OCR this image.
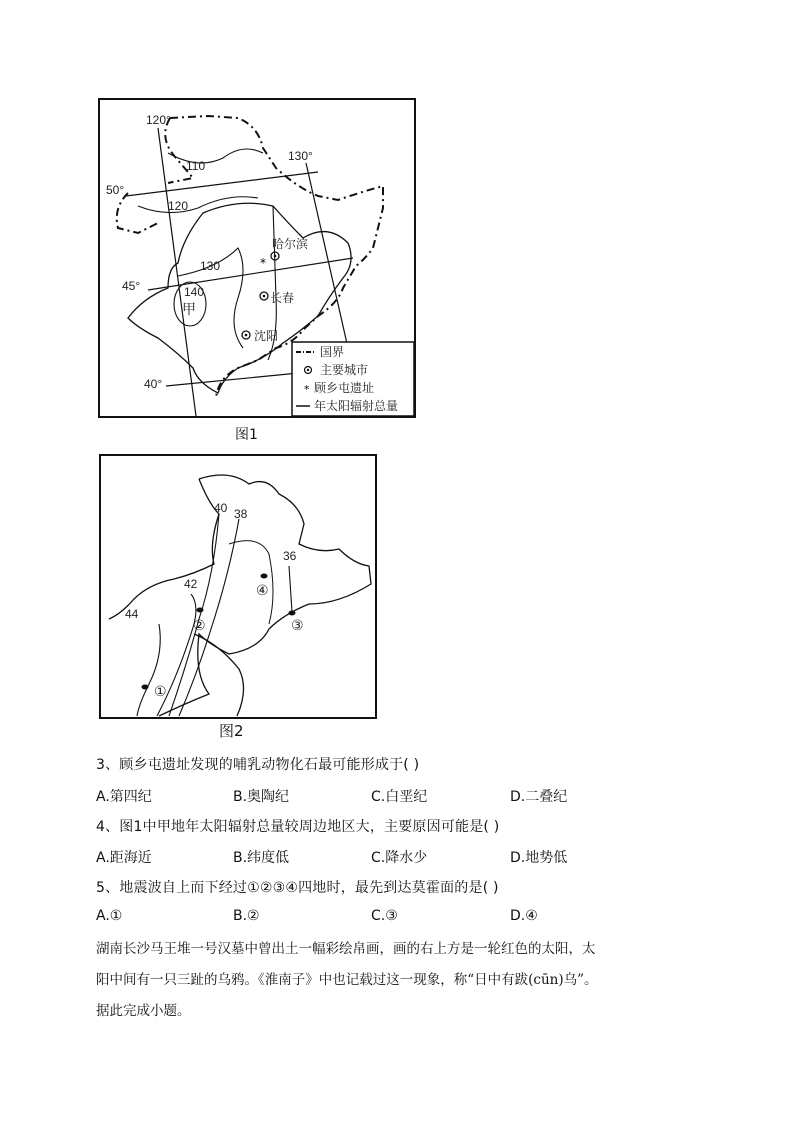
120°
130°
50°
45°
40°
110
120
130
140
甲
哈尔滨
*
长春
沈阳
国界
主要城市
* 顾乡屯遗址
年太阳辐射总量
图1
40 38
36
42
44
①
②	③
④
图2
3、顾乡屯遗址发现的哺乳动物化石最可能形成于( )
A.第四纪	B.奥陶纪	C.白垩纪	D.二叠纪
4、图1中甲地年太阳辐射总量较周边地区大，主要原因可能是( )
A.距海近	B.纬度低	C.降水少	D.地势低
5、地震波自上而下经过①②③④四地时，最先到达莫霍面的是( )
A.①	B.②	C.③	D.④
湖南长沙马王堆一号汉墓中曾出土一幅彩绘帛画，画的右上方是一轮红色的太阳，太
阳中间有一只三趾的乌鸦。《淮南子》中也记载过这一现象，称“日中有跋(cūn)乌”。
据此完成小题。
